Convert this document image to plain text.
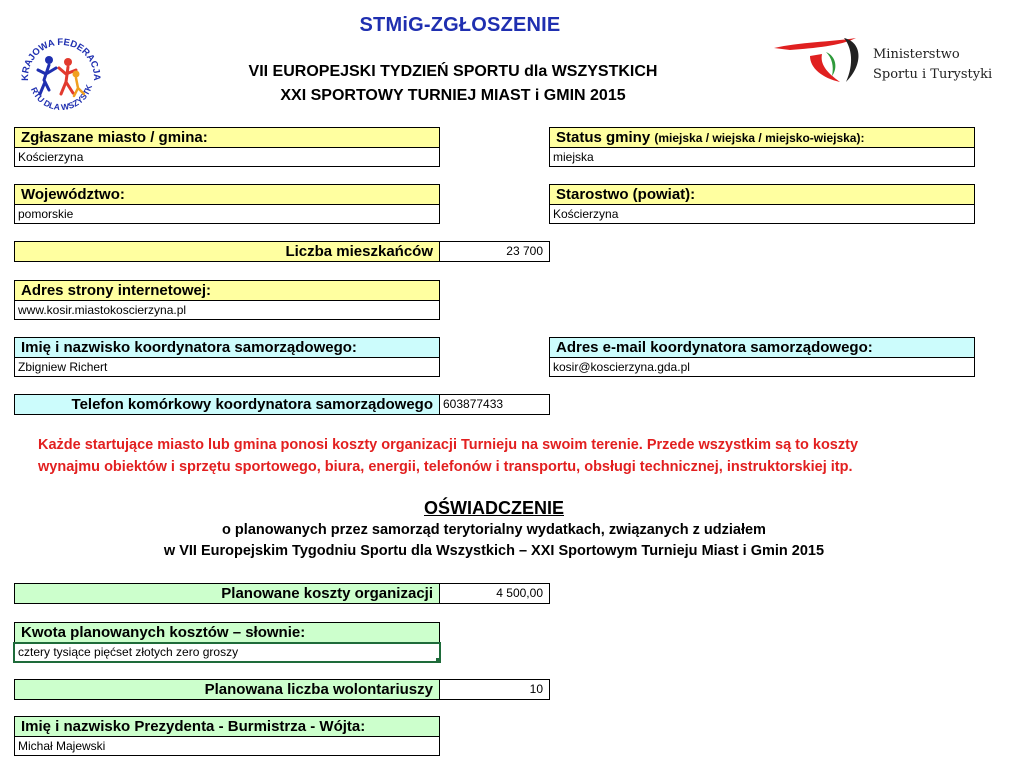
STMiG-ZGŁOSZENIE
VII EUROPEJSKI TYDZIEŃ SPORTU dla WSZYSTKICH
XXI SPORTOWY TURNIEJ MIAST i GMIN 2015
KRAJOWA FEDERACJA
RTU DLA WSZYSTK
Ministerstwo
Sportu i Turystyki
Zgłaszane miasto / gmina:
Kościerzyna
Status gminy (miejska / wiejska / miejsko-wiejska):
miejska
Województwo:
pomorskie
Starostwo (powiat):
Kościerzyna
Liczba mieszkańców	23 700
Adres strony internetowej:
www.kosir.miastokoscierzyna.pl
Imię i nazwisko koordynatora samorządowego:
Zbigniew Richert
Adres e-mail koordynatora samorządowego:
kosir@koscierzyna.gda.pl
Telefon komórkowy koordynatora samorządowego 603877433
Każde startujące miasto lub gmina ponosi koszty organizacji Turnieju na swoim terenie. Przede wszystkim są to koszty
wynajmu obiektów i sprzętu sportowego, biura, energii, telefonów i transportu, obsługi technicznej, instruktorskiej itp.
OŚWIADCZENIE
o planowanych przez samorząd terytorialny wydatkach, związanych z udziałem
w VII Europejskim Tygodniu Sportu dla Wszystkich – XXI Sportowym Turnieju Miast i Gmin 2015
Planowane koszty organizacji	4 500,00
Kwota planowanych kosztów – słownie:
cztery tysiące pięćset złotych zero groszy
Planowana liczba wolontariuszy	10
Imię i nazwisko Prezydenta - Burmistrza - Wójta:
Michał Majewski
